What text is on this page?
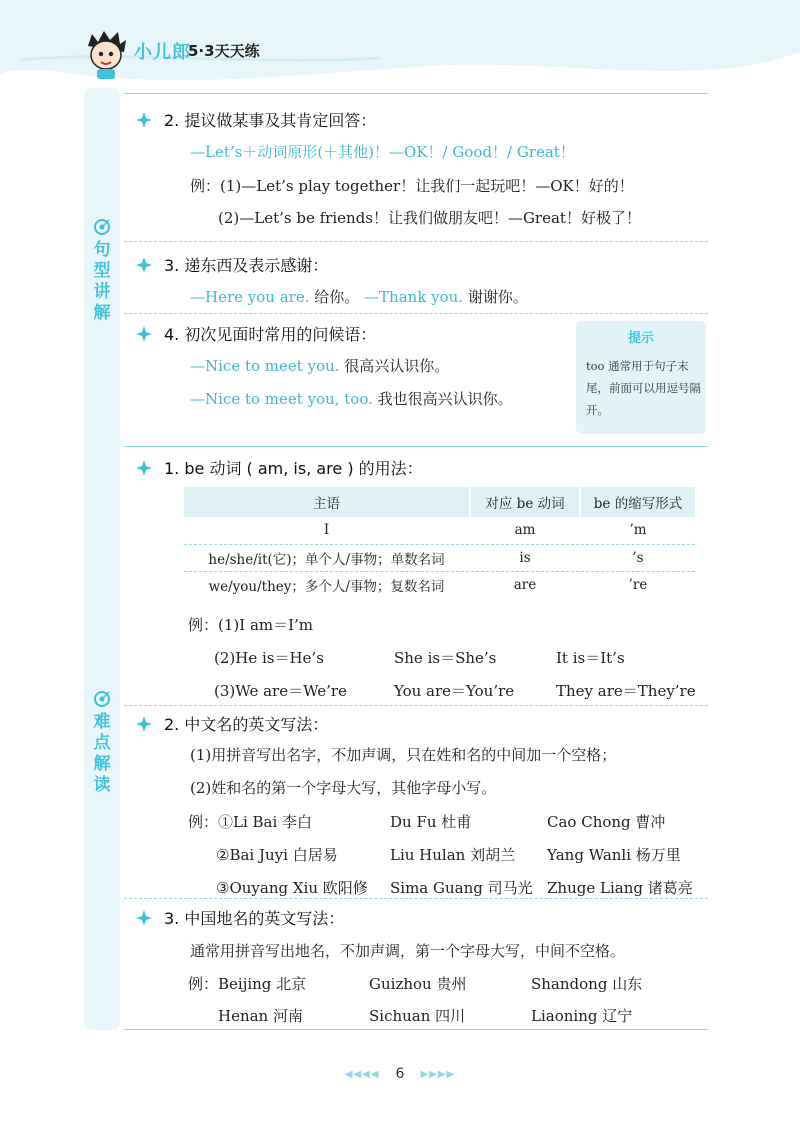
小儿郎
5·3天天练
句
型
讲
解
难
点
解
读
2. 提议做某事及其肯定回答：
—Let’s＋动词原形(＋其他)！—OK！/ Good！/ Great！
例：(1)—Let’s play together！让我们一起玩吧！—OK！好的！
(2)—Let’s be friends！让我们做朋友吧！—Great！好极了！
3. 递东西及表示感谢：
—Here you are. 给你。 —Thank you. 谢谢你。
4. 初次见面时常用的问候语：
—Nice to meet you. 很高兴认识你。
—Nice to meet you, too. 我也很高兴认识你。
提示
too 通常用于句子末尾，前面可以用逗号隔开。
1. be 动词 ( am, is, are ) 的用法：
主语	对应 be 动词	be 的缩写形式
I	am	’m
he/she/it(它)；单个人/事物；单数名词	is	’s
we/you/they；多个人/事物；复数名词	are	’re
例：(1)I am＝I’m
(2)He is＝He’s	She is＝She’s	It is＝It’s
(3)We are＝We’re	You are＝You’re	They are＝They’re
2. 中文名的英文写法：
(1)用拼音写出名字，不加声调，只在姓和名的中间加一个空格；
(2)姓和名的第一个字母大写，其他字母小写。
例：①Li Bai 李白	Du Fu 杜甫	Cao Chong 曹冲
②Bai Juyi 白居易	Liu Hulan 刘胡兰 Yang Wanli 杨万里
③Ouyang Xiu 欧阳修 Sima Guang 司马光 Zhuge Liang 诸葛亮
3. 中国地名的英文写法：
通常用拼音写出地名，不加声调，第一个字母大写，中间不空格。
例：Beijing 北京	Guizhou 贵州	Shandong 山东
Henan 河南	Sichuan 四川	Liaoning 辽宁
◀◀◀◀ 6 ▶▶▶▶
